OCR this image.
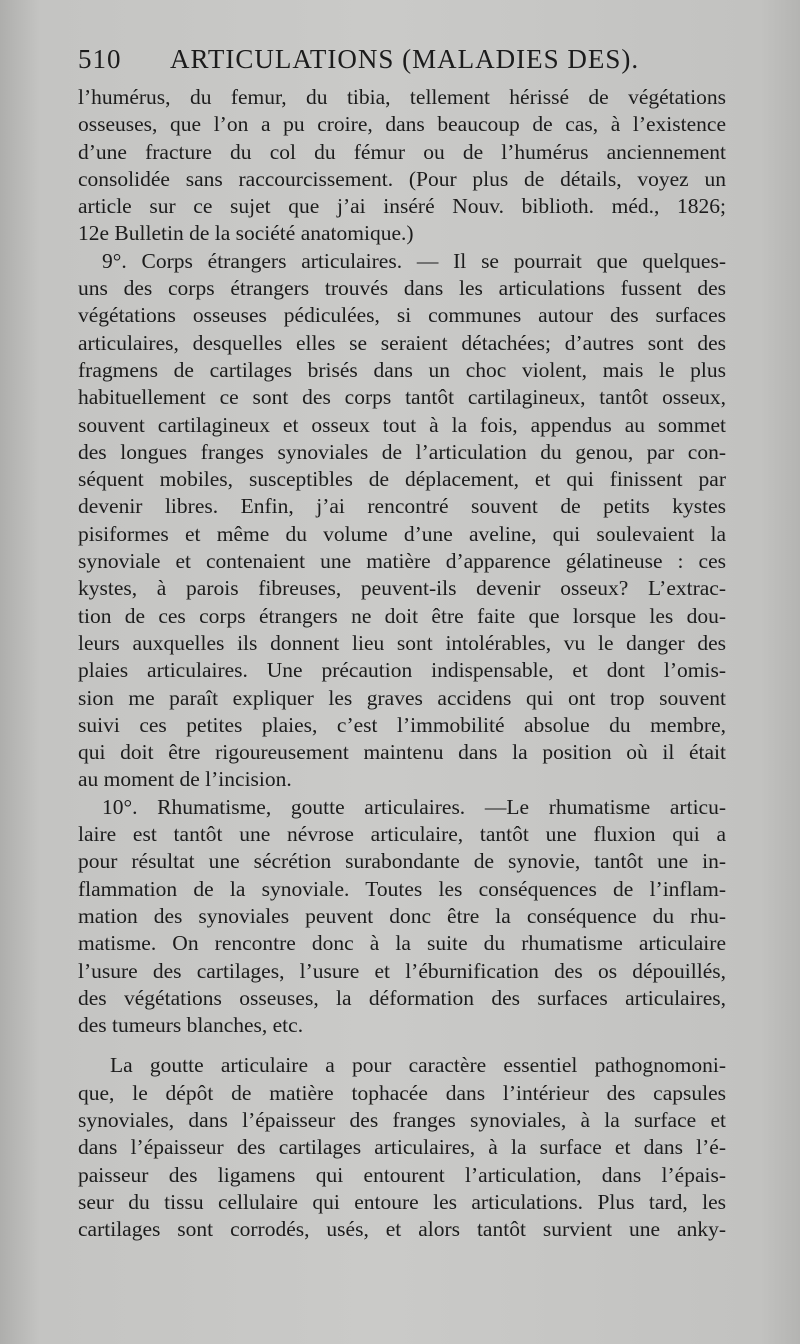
510 ARTICULATIONS (MALADIES DES).
l’humérus, du femur, du tibia, tellement hérissé de végétations
osseuses, que l’on a pu croire, dans beaucoup de cas, à l’existence
d’une fracture du col du fémur ou de l’humérus anciennement
consolidée sans raccourcissement. (Pour plus de détails, voyez un
article sur ce sujet que j’ai inséré Nouv. biblioth. méd., 1826;
12e Bulletin de la société anatomique.)
9°. Corps étrangers articulaires. — Il se pourrait que quelques-
uns des corps étrangers trouvés dans les articulations fussent des
végétations osseuses pédiculées, si communes autour des surfaces
articulaires, desquelles elles se seraient détachées; d’autres sont des
fragmens de cartilages brisés dans un choc violent, mais le plus
habituellement ce sont des corps tantôt cartilagineux, tantôt osseux,
souvent cartilagineux et osseux tout à la fois, appendus au sommet
des longues franges synoviales de l’articulation du genou, par con-
séquent mobiles, susceptibles de déplacement, et qui finissent par
devenir libres. Enfin, j’ai rencontré souvent de petits kystes
pisiformes et même du volume d’une aveline, qui soulevaient la
synoviale et contenaient une matière d’apparence gélatineuse : ces
kystes, à parois fibreuses, peuvent-ils devenir osseux? L’extrac-
tion de ces corps étrangers ne doit être faite que lorsque les dou-
leurs auxquelles ils donnent lieu sont intolérables, vu le danger des
plaies articulaires. Une précaution indispensable, et dont l’omis-
sion me paraît expliquer les graves accidens qui ont trop souvent
suivi ces petites plaies, c’est l’immobilité absolue du membre,
qui doit être rigoureusement maintenu dans la position où il était
au moment de l’incision.
10°. Rhumatisme, goutte articulaires. —Le rhumatisme articu-
laire est tantôt une névrose articulaire, tantôt une fluxion qui a
pour résultat une sécrétion surabondante de synovie, tantôt une in-
flammation de la synoviale. Toutes les conséquences de l’inflam-
mation des synoviales peuvent donc être la conséquence du rhu-
matisme. On rencontre donc à la suite du rhumatisme articulaire
l’usure des cartilages, l’usure et l’éburnification des os dépouillés,
des végétations osseuses, la déformation des surfaces articulaires,
des tumeurs blanches, etc.
La goutte articulaire a pour caractère essentiel pathognomoni-
que, le dépôt de matière tophacée dans l’intérieur des capsules
synoviales, dans l’épaisseur des franges synoviales, à la surface et
dans l’épaisseur des cartilages articulaires, à la surface et dans l’é-
paisseur des ligamens qui entourent l’articulation, dans l’épais-
seur du tissu cellulaire qui entoure les articulations. Plus tard, les
cartilages sont corrodés, usés, et alors tantôt survient une anky-
